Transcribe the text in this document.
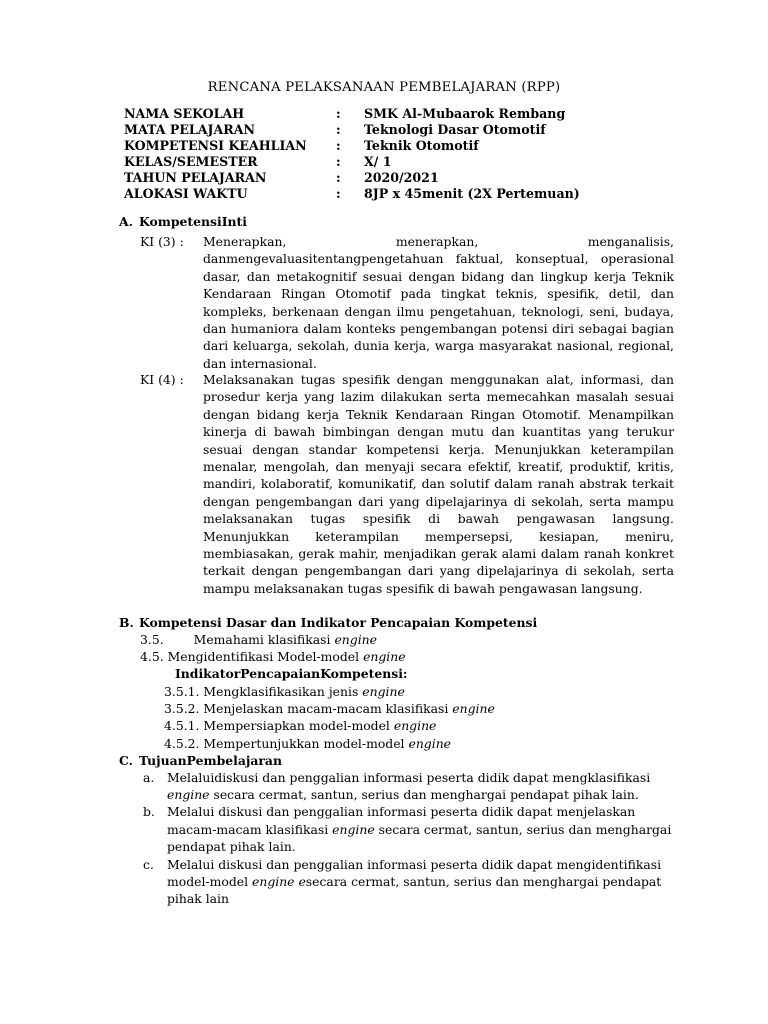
RENCANA PELAKSANAAN PEMBELAJARAN (RPP)
NAMA SEKOLAH	:	SMK Al-Mubaarok Rembang
MATA PELAJARAN	:	Teknologi Dasar Otomotif
KOMPETENSI KEAHLIAN	:	Teknik Otomotif
KELAS/SEMESTER	:	X/ 1
TAHUN PELAJARAN	:	2020/2021
ALOKASI WAKTU	:	8JP x 45menit (2X Pertemuan)
A. KompetensiInti
KI (3) : Menerapkan, menerapkan, menganalisis, danmengevaluasitentangpengetahuan faktual, konseptual, operasional dasar, dan metakognitif sesuai dengan bidang dan lingkup kerja Teknik Kendaraan Ringan Otomotif pada tingkat teknis, spesifik, detil, dan kompleks, berkenaan dengan ilmu pengetahuan, teknologi, seni, budaya, dan humaniora dalam konteks pengembangan potensi diri sebagai bagian dari keluarga, sekolah, dunia kerja, warga masyarakat nasional, regional, dan internasional.
KI (4) : Melaksanakan tugas spesifik dengan menggunakan alat, informasi, dan prosedur kerja yang lazim dilakukan serta memecahkan masalah sesuai dengan bidang kerja Teknik Kendaraan Ringan Otomotif. Menampilkan kinerja di bawah bimbingan dengan mutu dan kuantitas yang terukur sesuai dengan standar kompetensi kerja. Menunjukkan keterampilan menalar, mengolah, dan menyaji secara efektif, kreatif, produktif, kritis, mandiri, kolaboratif, komunikatif, dan solutif dalam ranah abstrak terkait dengan pengembangan dari yang dipelajarinya di sekolah, serta mampu melaksanakan tugas spesifik di bawah pengawasan langsung. Menunjukkan keterampilan mempersepsi, kesiapan, meniru, membiasakan, gerak mahir, menjadikan gerak alami dalam ranah konkret terkait dengan pengembangan dari yang dipelajarinya di sekolah, serta mampu melaksanakan tugas spesifik di bawah pengawasan langsung.
B. Kompetensi Dasar dan Indikator Pencapaian Kompetensi
3.5. Memahami klasifikasi engine
4.5. Mengidentifikasi Model-model engine
IndikatorPencapaianKompetensi:
3.5.1. Mengklasifikasikan jenis engine
3.5.2. Menjelaskan macam-macam klasifikasi engine
4.5.1. Mempersiapkan model-model engine
4.5.2. Mempertunjukkan model-model engine
C. TujuanPembelajaran
a. Melaluidiskusi dan penggalian informasi peserta didik dapat mengklasifikasi
engine secara cermat, santun, serius dan menghargai pendapat pihak lain.
b. Melalui diskusi dan penggalian informasi peserta didik dapat menjelaskan
macam-macam klasifikasi engine secara cermat, santun, serius dan menghargai
pendapat pihak lain.
c. Melalui diskusi dan penggalian informasi peserta didik dapat mengidentifikasi
model-model engine esecara cermat, santun, serius dan menghargai pendapat
pihak lain
